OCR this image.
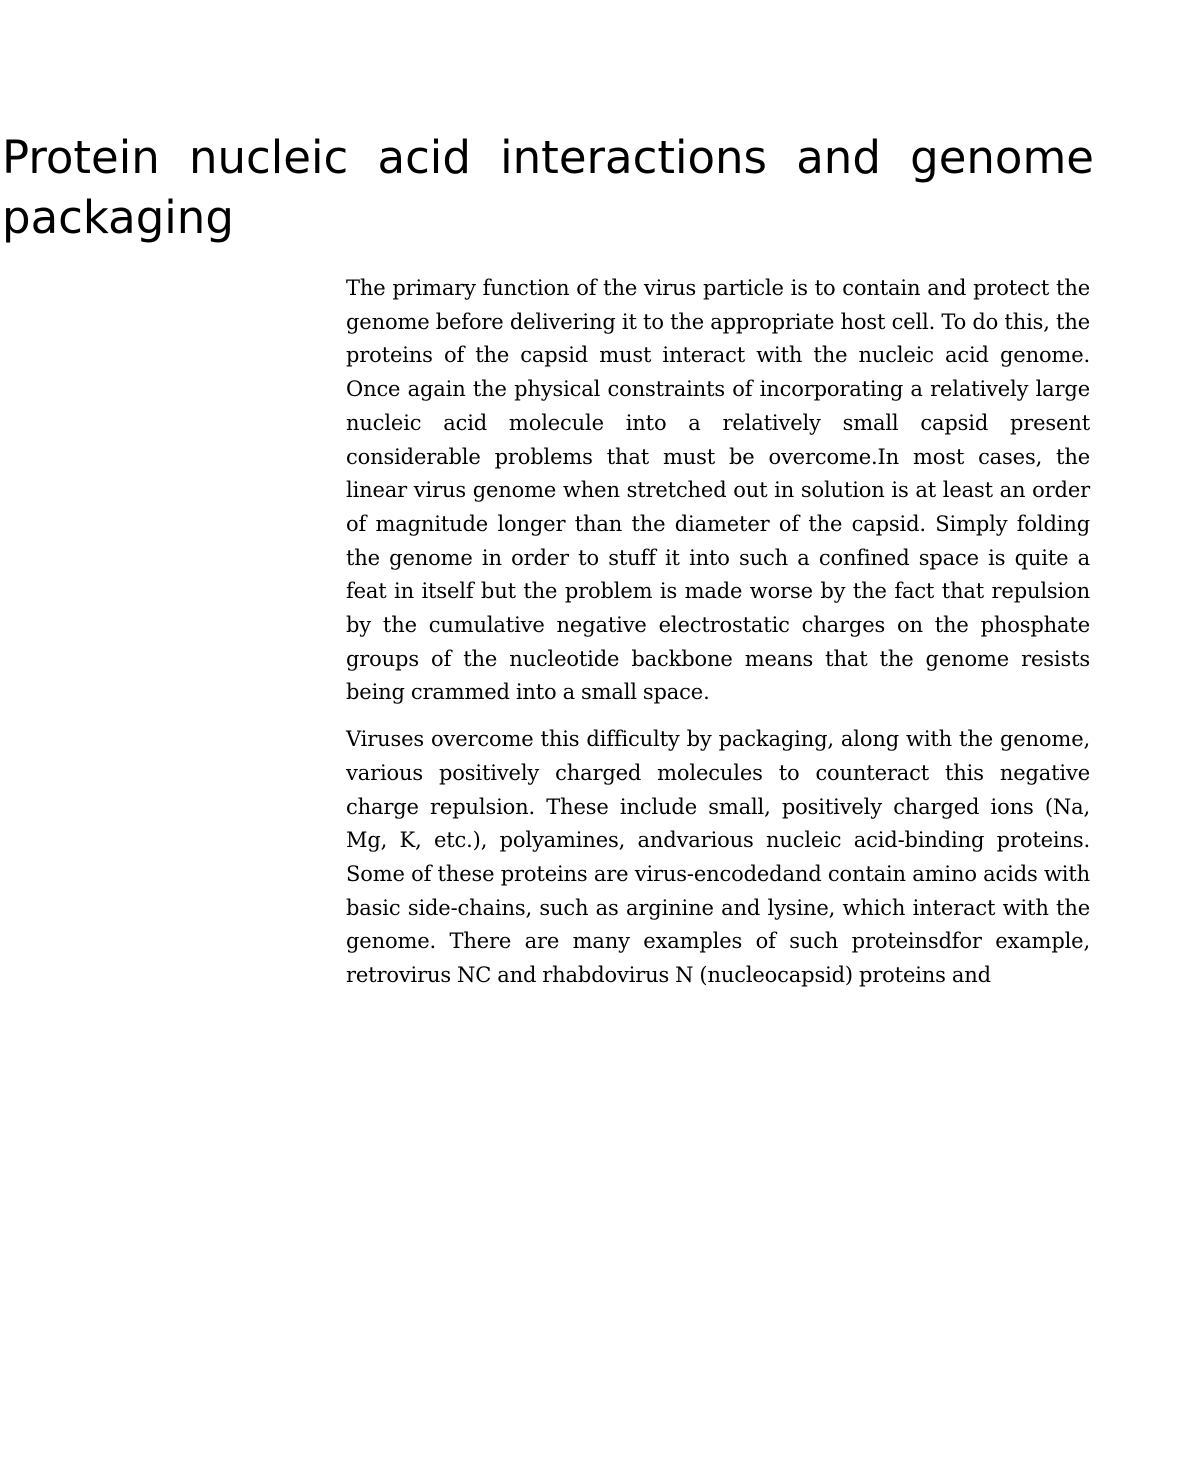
Protein nucleic acid interactions and genome packaging

The primary function of the virus particle is to contain and protect the genome before delivering it to the appropriate host cell. To do this, the proteins of the capsid must interact with the nucleic acid genome. Once again the physical constraints of incorporating a relatively large nucleic acid molecule into a relatively small capsid present considerable problems that must be overcome.In most cases, the linear virus genome when stretched out in solution is at least an order of magnitude longer than the diameter of the capsid. Simply folding the genome in order to stuff it into such a confined space is quite a feat in itself but the problem is made worse by the fact that repulsion by the cumulative negative electrostatic charges on the phosphate groups of the nucleotide backbone means that the genome resists being crammed into a small space.

Viruses overcome this difficulty by packaging, along with the genome, various positively charged molecules to counteract this negative charge repulsion. These include small, positively charged ions (Na, Mg, K, etc.), polyamines, andvarious nucleic acid-binding proteins. Some of these proteins are virus-encodedand contain amino acids with basic side-chains, such as arginine and lysine, which interact with the genome. There are many examples of such proteinsdfor example, retrovirus NC and rhabdovirus N (nucleocapsid) proteins and
